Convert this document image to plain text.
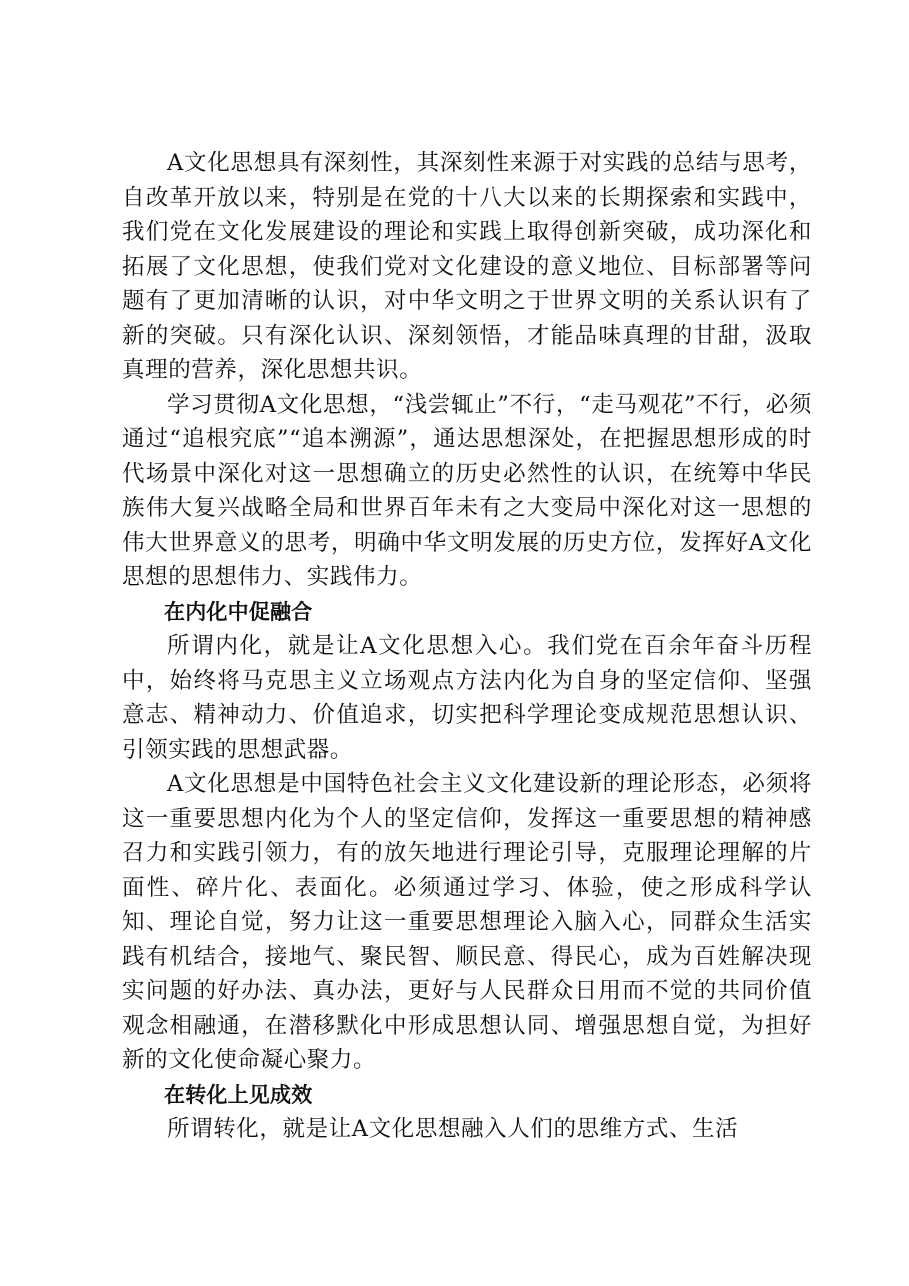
A文化思想具有深刻性，其深刻性来源于对实践的总结与思考，自改革开放以来，特别是在党的十八大以来的长期探索和实践中，我们党在文化发展建设的理论和实践上取得创新突破，成功深化和拓展了文化思想，使我们党对文化建设的意义地位、目标部署等问题有了更加清晰的认识，对中华文明之于世界文明的关系认识有了新的突破。只有深化认识、深刻领悟，才能品味真理的甘甜，汲取真理的营养，深化思想共识。

学习贯彻A文化思想，“浅尝辄止”不行，“走马观花”不行，必须通过“追根究底”“追本溯源”，通达思想深处，在把握思想形成的时代场景中深化对这一思想确立的历史必然性的认识，在统筹中华民族伟大复兴战略全局和世界百年未有之大变局中深化对这一思想的伟大世界意义的思考，明确中华文明发展的历史方位，发挥好A文化思想的思想伟力、实践伟力。

在内化中促融合

所谓内化，就是让A文化思想入心。我们党在百余年奋斗历程中，始终将马克思主义立场观点方法内化为自身的坚定信仰、坚强意志、精神动力、价值追求，切实把科学理论变成规范思想认识、引领实践的思想武器。

A文化思想是中国特色社会主义文化建设新的理论形态，必须将这一重要思想内化为个人的坚定信仰，发挥这一重要思想的精神感召力和实践引领力，有的放矢地进行理论引导，克服理论理解的片面性、碎片化、表面化。必须通过学习、体验，使之形成科学认知、理论自觉，努力让这一重要思想理论入脑入心，同群众生活实践有机结合，接地气、聚民智、顺民意、得民心，成为百姓解决现实问题的好办法、真办法，更好与人民群众日用而不觉的共同价值观念相融通，在潜移默化中形成思想认同、增强思想自觉，为担好新的文化使命凝心聚力。

在转化上见成效

所谓转化，就是让A文化思想融入人们的思维方式、生活
